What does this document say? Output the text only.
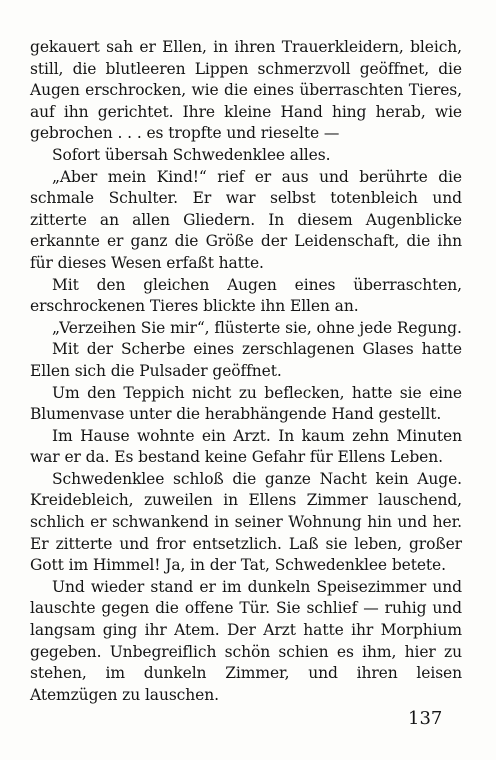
gekauert sah er Ellen, in ihren Trauerkleidern, bleich, still, die blutleeren Lippen schmerzvoll geöffnet, die Augen erschrocken, wie die eines überraschten Tieres, auf ihn gerichtet. Ihre kleine Hand hing herab, wie gebrochen . . . es tropfte und rieselte —

Sofort übersah Schwedenklee alles.

„Aber mein Kind!“ rief er aus und berührte die schmale Schulter. Er war selbst totenbleich und zitterte an allen Gliedern. In diesem Augenblicke erkannte er ganz die Größe der Leidenschaft, die ihn für dieses Wesen erfaßt hatte.

Mit den gleichen Augen eines überraschten, erschrockenen Tieres blickte ihn Ellen an.

„Verzeihen Sie mir“, flüsterte sie, ohne jede Regung.

Mit der Scherbe eines zerschlagenen Glases hatte Ellen sich die Pulsader geöffnet.

Um den Teppich nicht zu beflecken, hatte sie eine Blumenvase unter die herabhängende Hand gestellt.

Im Hause wohnte ein Arzt. In kaum zehn Minuten war er da. Es bestand keine Gefahr für Ellens Leben.

Schwedenklee schloß die ganze Nacht kein Auge. Kreidebleich, zuweilen in Ellens Zimmer lauschend, schlich er schwankend in seiner Wohnung hin und her. Er zitterte und fror entsetzlich. Laß sie leben, großer Gott im Himmel! Ja, in der Tat, Schwedenklee betete.

Und wieder stand er im dunkeln Speisezimmer und lauschte gegen die offene Tür. Sie schlief — ruhig und langsam ging ihr Atem. Der Arzt hatte ihr Morphium gegeben. Unbegreiflich schön schien es ihm, hier zu stehen, im dunkeln Zimmer, und ihren leisen Atemzügen zu lauschen.

137
